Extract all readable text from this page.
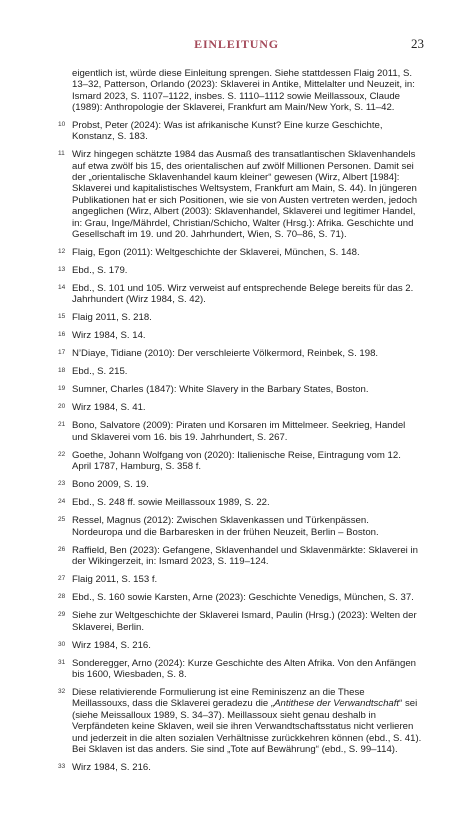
EINLEITUNG	23
eigentlich ist, würde diese Einleitung sprengen. Siehe stattdessen Flaig 2011, S. 13–32, Patterson, Orlando (2023): Sklaverei in Antike, Mittelalter und Neuzeit, in: Ismard 2023, S. 1107–1122, insbes. S. 1110–1112 sowie Meillassoux, Claude (1989): Anthropologie der Sklaverei, Frankfurt am Main/New York, S. 11–42.
10 Probst, Peter (2024): Was ist afrikanische Kunst? Eine kurze Geschichte, Konstanz, S. 183.
11 Wirz hingegen schätzte 1984 das Ausmaß des transatlantischen Sklavenhandels auf etwa zwölf bis 15, des orientalischen auf zwölf Millionen Personen. Damit sei der „orientalische Sklavenhandel kaum kleiner“ gewesen (Wirz, Albert [1984]: Sklaverei und kapitalistisches Weltsystem, Frankfurt am Main, S. 44). In jüngeren Publikationen hat er sich Positionen, wie sie von Austen vertreten werden, jedoch angeglichen (Wirz, Albert (2003): Sklavenhandel, Sklaverei und legitimer Handel, in: Grau, Inge/Mährdel, Christian/Schicho, Walter (Hrsg.): Afrika. Geschichte und Gesellschaft im 19. und 20. Jahrhundert, Wien, S. 70–86, S. 71).
12 Flaig, Egon (2011): Weltgeschichte der Sklaverei, München, S. 148.
13 Ebd., S. 179.
14 Ebd., S. 101 und 105. Wirz verweist auf entsprechende Belege bereits für das 2. Jahrhundert (Wirz 1984, S. 42).
15 Flaig 2011, S. 218.
16 Wirz 1984, S. 14.
17 N’Diaye, Tidiane (2010): Der verschleierte Völkermord, Reinbek, S. 198.
18 Ebd., S. 215.
19 Sumner, Charles (1847): White Slavery in the Barbary States, Boston.
20 Wirz 1984, S. 41.
21 Bono, Salvatore (2009): Piraten und Korsaren im Mittelmeer. Seekrieg, Handel und Sklaverei vom 16. bis 19. Jahrhundert, S. 267.
22 Goethe, Johann Wolfgang von (2020): Italienische Reise, Eintragung vom 12. April 1787, Hamburg, S. 358 f.
23 Bono 2009, S. 19.
24 Ebd., S. 248 ff. sowie Meillassoux 1989, S. 22.
25 Ressel, Magnus (2012): Zwischen Sklavenkassen und Türkenpässen. Nordeuropa und die Barbaresken in der frühen Neuzeit, Berlin – Boston.
26 Raffield, Ben (2023): Gefangene, Sklavenhandel und Sklavenmärkte: Sklaverei in der Wikingerzeit, in: Ismard 2023, S. 119–124.
27 Flaig 2011, S. 153 f.
28 Ebd., S. 160 sowie Karsten, Arne (2023): Geschichte Venedigs, München, S. 37.
29 Siehe zur Weltgeschichte der Sklaverei Ismard, Paulin (Hrsg.) (2023): Welten der Sklaverei, Berlin.
30 Wirz 1984, S. 216.
31 Sonderegger, Arno (2024): Kurze Geschichte des Alten Afrika. Von den Anfängen bis 1600, Wiesbaden, S. 8.
32 Diese relativierende Formulierung ist eine Reminiszenz an die These Meillassouxs, dass die Sklaverei geradezu die „Antithese der Verwandtschaft“ sei (siehe Meissalloux 1989, S. 34–37). Meillassoux sieht genau deshalb in Verpfändeten keine Sklaven, weil sie ihren Verwandtschaftsstatus nicht verlieren und jederzeit in die alten sozialen Verhältnisse zurückkehren können (ebd., S. 41). Bei Sklaven ist das anders. Sie sind „Tote auf Bewährung“ (ebd., S. 99–114).
33 Wirz 1984, S. 216.
